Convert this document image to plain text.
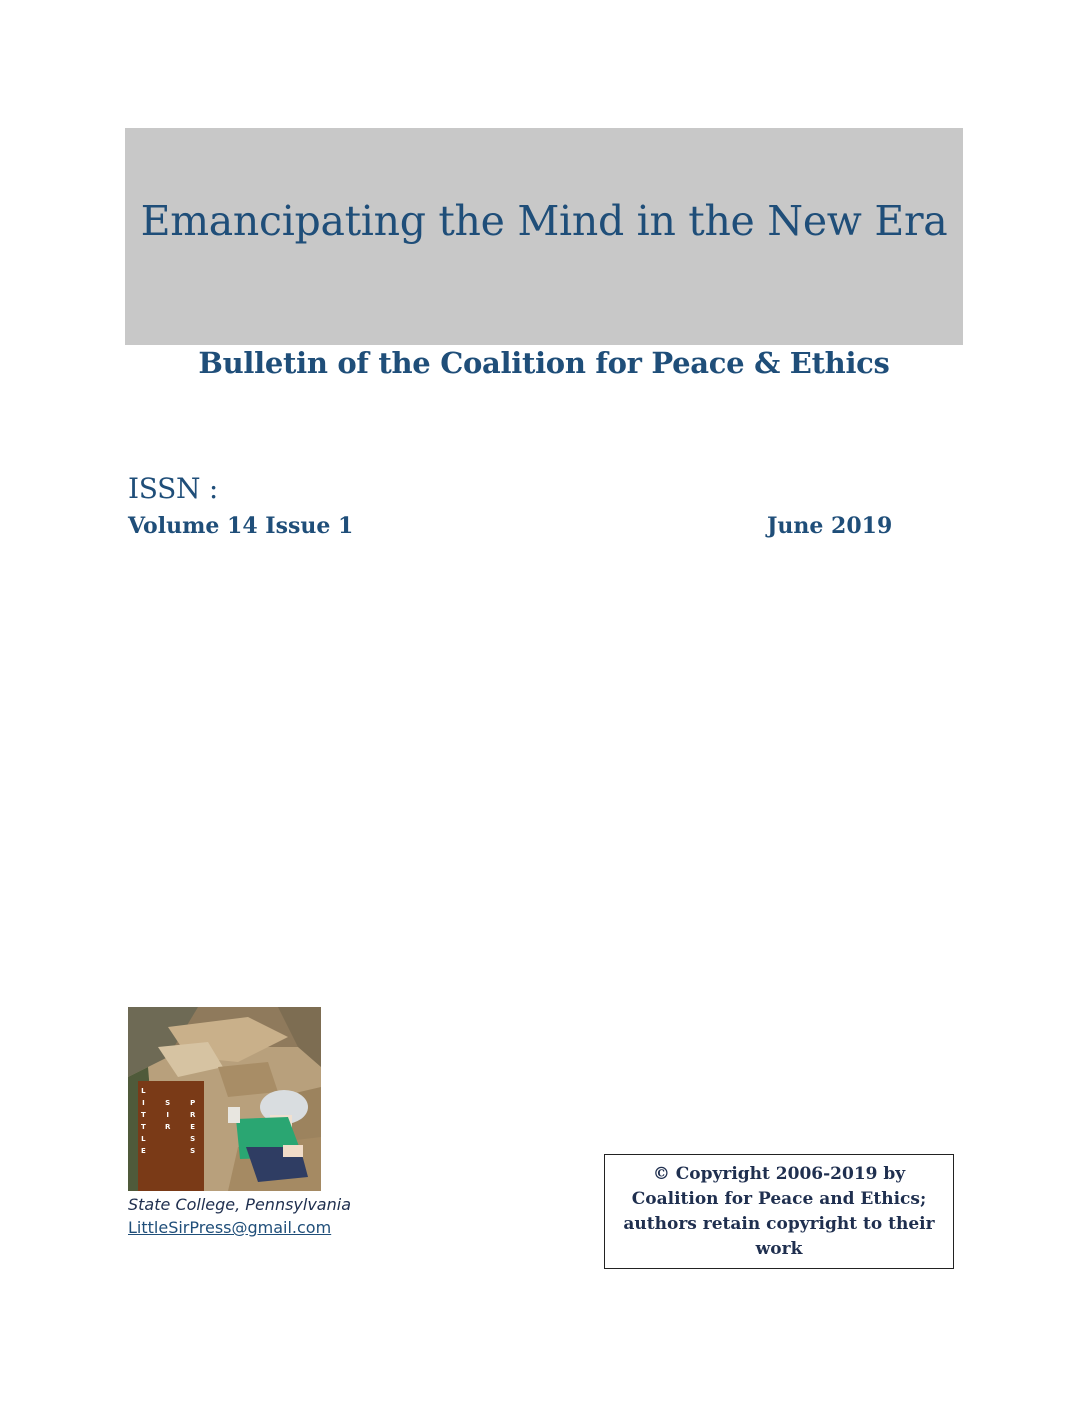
Emancipating the Mind in the New Era
Bulletin of the Coalition for Peace & Ethics
ISSN :
Volume 14 Issue 1	June 2019
L
I
T
T
L
E
S
I
R
P
R
E
S
S
State College, Pennsylvania
LittleSirPress@gmail.com
© Copyright 2006-2019 by
Coalition for Peace and Ethics;
authors retain copyright to their
work
